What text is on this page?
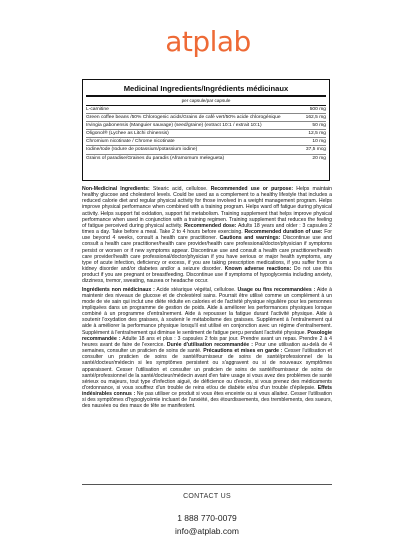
atplab
Medicinal Ingredients/Ingrédients médicinaux
per capsule/par capsule
L-carnitine	500 mg
Green coffee beans /50% Chlorogenic acids/Grains de café vert/50% acide chlorogénique	162,5 mg
Irvingia gabonensis (Manguier sauvage) (seed/graine) (extract 10:1 / extrait 10:1)	50 mg
Oligonol® (Lychee as Litchi chinensis)	12,5 mg
Chromium nicotinate / Chrome nicotinate	10 mg
Iodine/Iode (Iodure de potassium/potassium iodine)	37,5 mcg
Grains of paradise/Graines du paradis (Aframomum melegueta)	20 mg

Non-Medicinal Ingredients: Stearic acid, cellulose. Recommended use or purpose: Helps maintain healthy glucose and cholesterol levels. Could be used as a complement to a healthy lifestyle that includes a reduced calorie diet and regular physical activity for those involved in a weight management program. Helps improve physical performance when combined with a training program. Helps ward off fatigue during physical activity. Helps support fat oxidation, support fat metabolism. Training supplement that helps improve physical performance when used in conjunction with a training regimen. Training supplement that reduces the feeling of fatigue perceived during physical activity. Recommended dose: Adults 18 years and older : 3 capsules 2 times a day. Take before a meal. Take 2 to 4 hours before exercising. Recommended duration of use: For use beyond 4 weeks, consult a health care practitioner. Cautions and warnings: Discontinue use and consult a health care practitioner/health care provider/health care professional/doctor/physician if symptoms persist or worsen or if new symptoms appear. Discontinue use and consult a health care practitioner/health care provider/health care professional/doctor/physician if you have serious or major health symptoms, any type of acute infection, deficiency or excess, if you are taking prescription medications, if you suffer from a kidney disorder and/or diabetes and/or a seizure disorder. Known adverse reactions: Do not use this product if you are pregnant or breastfeeding. Discontinue use if symptoms of hypoglycemia including anxiety, dizziness, tremor, sweating, nausea or headache occur.

Ingrédients non médicinaux : Acide stéarique végétal, cellulose. Usage ou fins recommandées : Aide à maintenir des niveaux de glucose et de cholestérol sains. Pourrait être utilisé comme un complément à un mode de vie sain qui inclut une diète réduite en calories et de l'activité physique régulière pour les personnes impliquées dans un programme de gestion de poids. Aide à améliorer les performances physiques lorsque combiné à un programme d'entraînement. Aide à repousser la fatigue durant l'activité physique. Aide à soutenir l'oxydation des graisses, à soutenir le métabolisme des graisses. Supplément à l'entraînement qui aide à améliorer la performance physique lorsqu'il est utilisé en conjonction avec un régime d'entraînement. Supplément à l'entraînement qui diminue le sentiment de fatigue perçu pendant l'activité physique. Posologie recommandée : Adulte 18 ans et plus : 3 capsules 2 fois par jour. Prendre avant un repas. Prendre 2 à 4 heures avant de faire de l'exercice. Durée d'utilisation recommandée : Pour une utilisation au-delà de 4 semaines, consulter un praticien de soins de santé. Précautions et mises en garde : Cesser l'utilisation et consulter un praticien de soins de santé/fournisseur de soins de santé/professionnel de la santé/docteur/médecin si les symptômes persistent ou s'aggravent ou si de nouveaux symptômes apparaissent. Cesser l'utilisation et consulter un praticien de soins de santé/fournisseur de soins de santé/professionnel de la santé/docteur/médecin avant d'en faire usage si vous avez des problèmes de santé sérieux ou majeurs, tout type d'infection aiguë, de déficience ou d'excès, si vous prenez des médicaments d'ordonnance, si vous souffrez d'un trouble de reins et/ou de diabète et/ou d'un trouble d'épilepsie. Effets indésirables connus : Ne pas utiliser ce produit si vous êtes enceinte ou si vous allaitez. Cesser l'utilisation si des symptômes d'hypoglycémie incluant de l'anxiété, des étourdissements, des tremblements, des sueurs, des nausées ou des maux de tête se manifestent.

CONTACT US
1 888 770-0079
info@atplab.com
